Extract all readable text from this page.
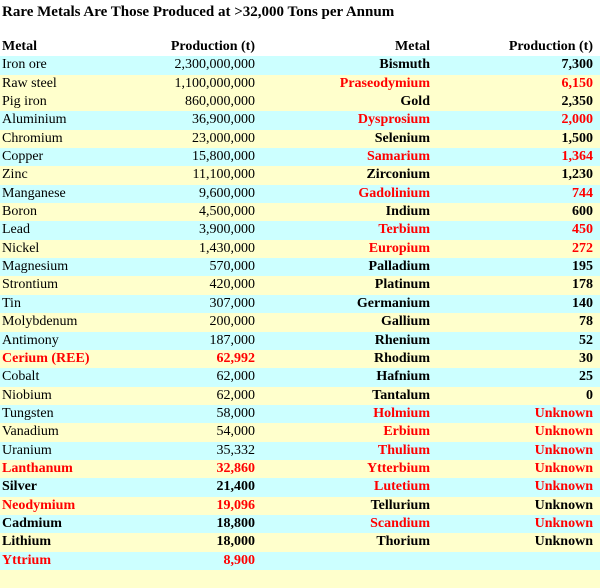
Rare Metals Are Those Produced at >32,000 Tons per Annum
Metal	Production (t)	Metal	Production (t)
Iron ore	2,300,000,000	Bismuth	7,300
Raw steel	1,100,000,000	Praseodymium	6,150
Pig iron	860,000,000	Gold	2,350
Aluminium	36,900,000	Dysprosium	2,000
Chromium	23,000,000	Selenium	1,500
Copper	15,800,000	Samarium	1,364
Zinc	11,100,000	Zirconium	1,230
Manganese	9,600,000	Gadolinium	744
Boron	4,500,000	Indium	600
Lead	3,900,000	Terbium	450
Nickel	1,430,000	Europium	272
Magnesium	570,000	Palladium	195
Strontium	420,000	Platinum	178
Tin	307,000	Germanium	140
Molybdenum	200,000	Gallium	78
Antimony	187,000	Rhenium	52
Cerium (REE)	62,992	Rhodium	30
Cobalt	62,000	Hafnium	25
Niobium	62,000	Tantalum	0
Tungsten	58,000	Holmium	Unknown
Vanadium	54,000	Erbium	Unknown
Uranium	35,332	Thulium	Unknown
Lanthanum	32,860	Ytterbium	Unknown
Silver	21,400	Lutetium	Unknown
Neodymium	19,096	Tellurium	Unknown
Cadmium	18,800	Scandium	Unknown
Lithium	18,000	Thorium	Unknown
Yttrium	8,900
